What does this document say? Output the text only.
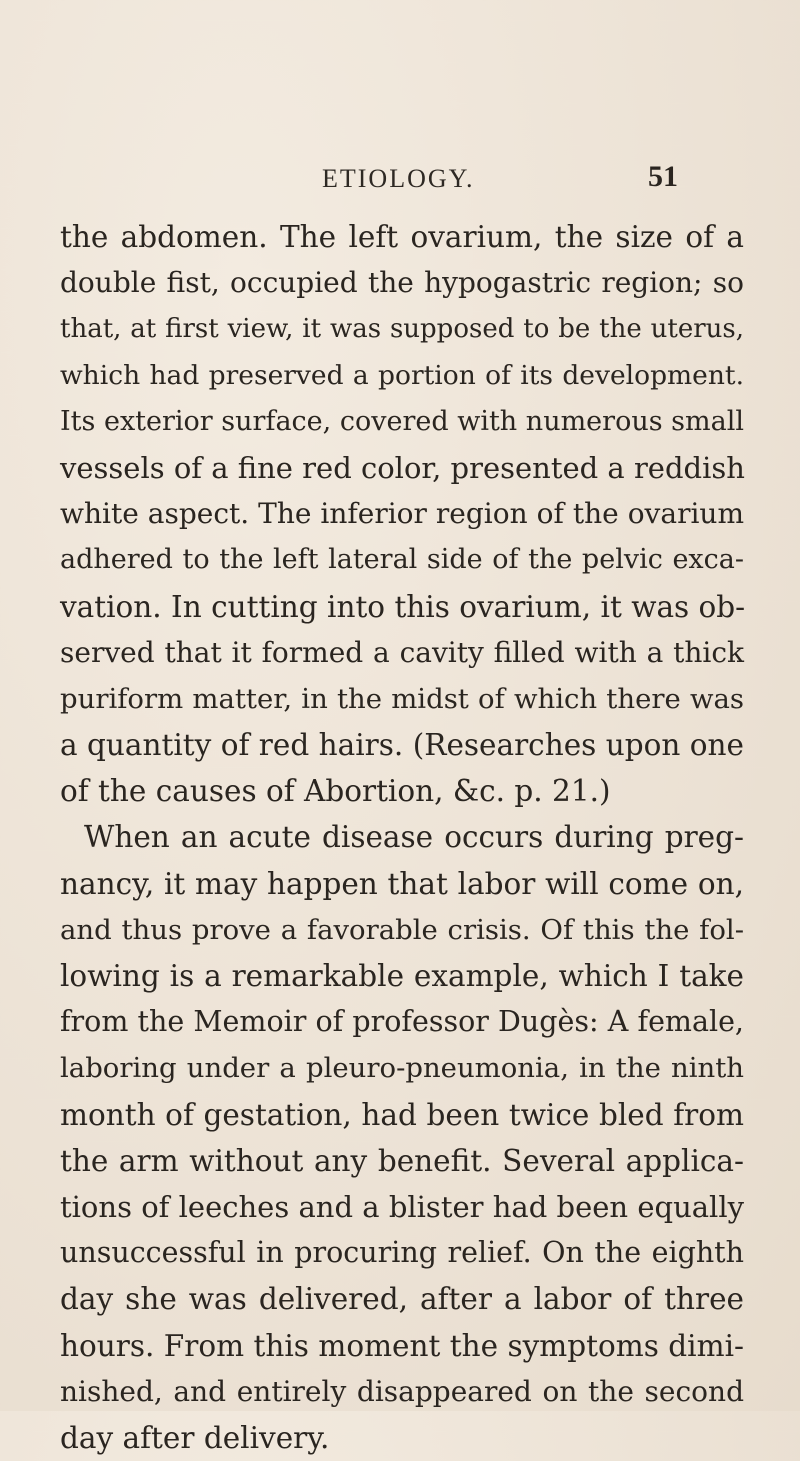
ETIOLOGY.	51
the abdomen. The left ovarium, the size of a
double fist, occupied the hypogastric region; so
that, at first view, it was supposed to be the uterus,
which had preserved a portion of its development.
Its exterior surface, covered with numerous small
vessels of a fine red color, presented a reddish
white aspect. The inferior region of the ovarium
adhered to the left lateral side of the pelvic exca-
vation. In cutting into this ovarium, it was ob-
served that it formed a cavity filled with a thick
puriform matter, in the midst of which there was
a quantity of red hairs. (Researches upon one
of the causes of Abortion, &c. p. 21.)
When an acute disease occurs during preg-
nancy, it may happen that labor will come on,
and thus prove a favorable crisis. Of this the fol-
lowing is a remarkable example, which I take
from the Memoir of professor Dugès: A female,
laboring under a pleuro-pneumonia, in the ninth
month of gestation, had been twice bled from
the arm without any benefit. Several applica-
tions of leeches and a blister had been equally
unsuccessful in procuring relief. On the eighth
day she was delivered, after a labor of three
hours. From this moment the symptoms dimi-
nished, and entirely disappeared on the second
day after delivery.
